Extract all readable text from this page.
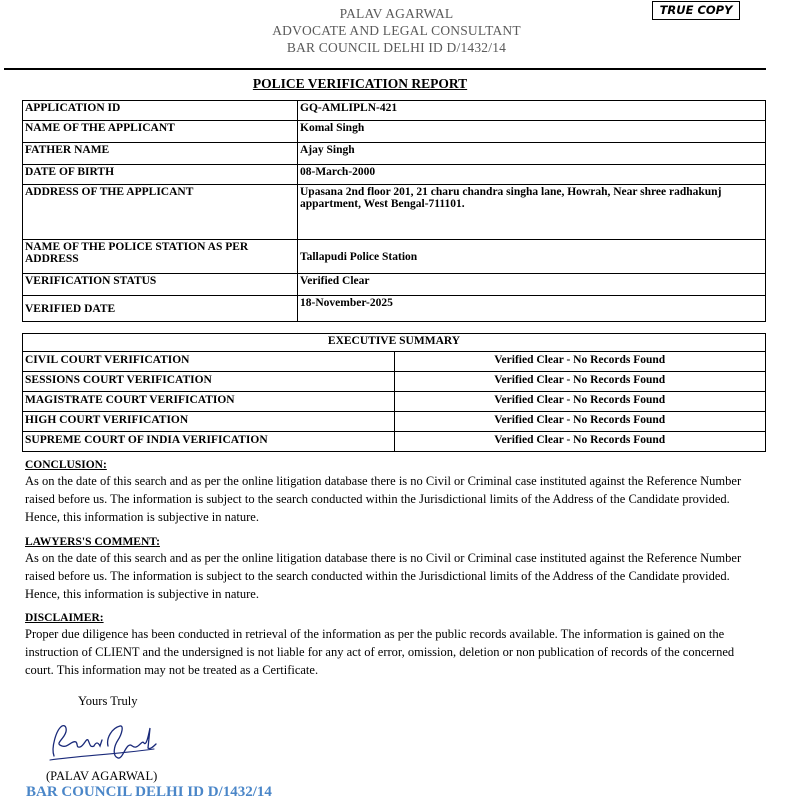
TRUE COPY
PALAV AGARWAL
ADVOCATE AND LEGAL CONSULTANT
BAR COUNCIL DELHI ID D/1432/14
POLICE VERIFICATION REPORT
APPLICATION ID	GQ-AMLIPLN-421
NAME OF THE APPLICANT	Komal Singh
FATHER NAME	Ajay Singh
DATE OF BIRTH	08-March-2000
ADDRESS OF THE APPLICANT	Upasana 2nd floor 201, 21 charu chandra singha lane, Howrah, Near shree radhakunj appartment, West Bengal-711101.
NAME OF THE POLICE STATION AS PER ADDRESS	Tallapudi Police Station
VERIFICATION STATUS	Verified Clear
VERIFIED DATE	18-November-2025
EXECUTIVE SUMMARY	
CIVIL COURT VERIFICATION	Verified Clear - No Records Found
SESSIONS COURT VERIFICATION	Verified Clear - No Records Found
MAGISTRATE COURT VERIFICATION	Verified Clear - No Records Found
HIGH COURT VERIFICATION	Verified Clear - No Records Found
SUPREME COURT OF INDIA VERIFICATION	Verified Clear - No Records Found
CONCLUSION:
As on the date of this search and as per the online litigation database there is no Civil or Criminal case instituted against the Reference Number raised before us. The information is subject to the search conducted within the Jurisdictional limits of the Address of the Candidate provided. Hence, this information is subjective in nature.
LAWYERS'S COMMENT:
As on the date of this search and as per the online litigation database there is no Civil or Criminal case instituted against the Reference Number raised before us. The information is subject to the search conducted within the Jurisdictional limits of the Address of the Candidate provided. Hence, this information is subjective in nature.
DISCLAIMER:
Proper due diligence has been conducted in retrieval of the information as per the public records available. The information is gained on the instruction of CLIENT and the undersigned is not liable for any act of error, omission, deletion or non publication of records of the concerned court. This information may not be treated as a Certificate.
Yours Truly
(PALAV AGARWAL)
BAR COUNCIL DELHI ID D/1432/14
